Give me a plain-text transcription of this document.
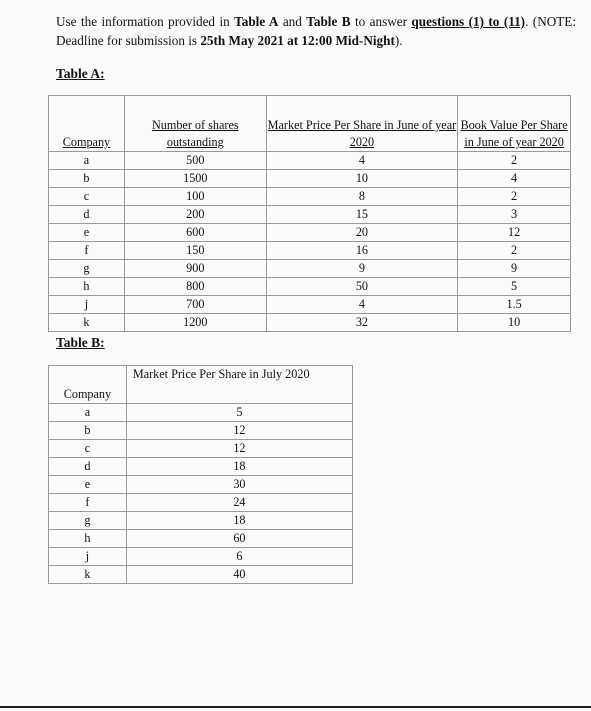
Use the information provided in Table A and Table B to answer questions (1) to (11). (NOTE: Deadline for submission is 25th May 2021 at 12:00 Mid-Night).
Table A:
Company	Number of shares outstanding	Market Price Per Share in June of year 2020	Book Value Per Share in June of year 2020
a	500	4	2
b	1500	10	4
c	100	8	2
d	200	15	3
e	600	20	12
f	150	16	2
g	900	9	9
h	800	50	5
j	700	4	1.5
k	1200	32	10
Table B:
Company	Market Price Per Share in July 2020
a	5
b	12
c	12
d	18
e	30
f	24
g	18
h	60
j	6
k	40
